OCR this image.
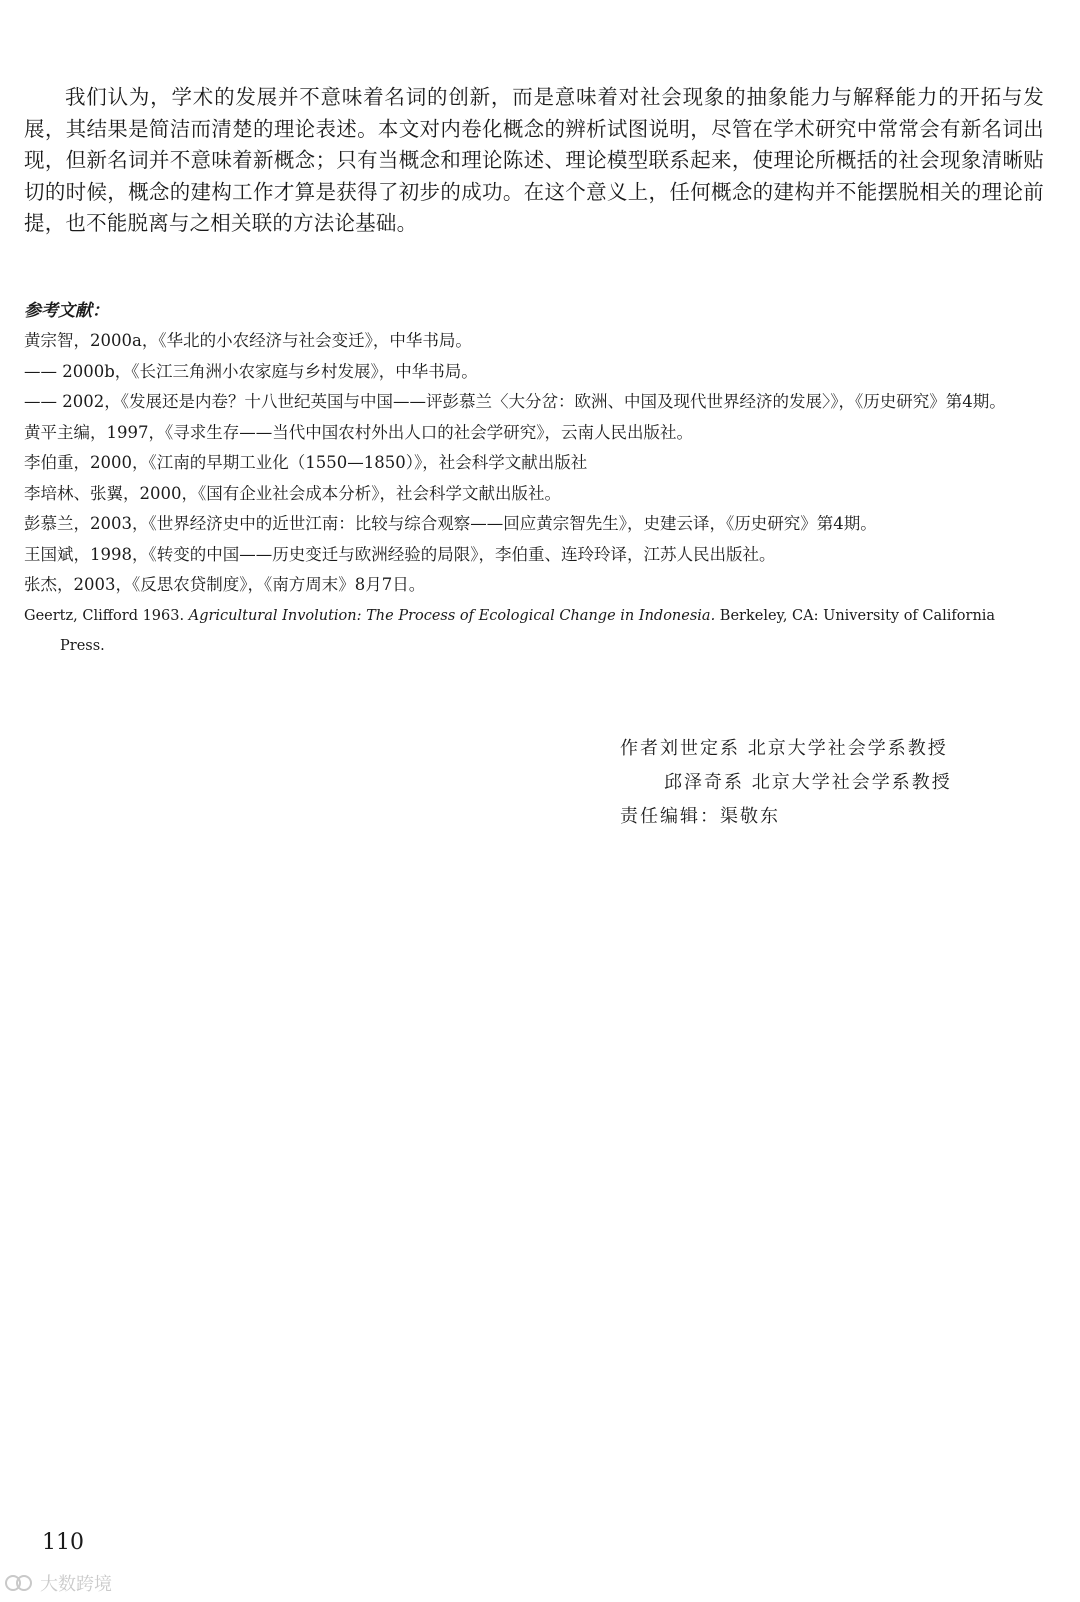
我们认为，学术的发展并不意味着名词的创新，而是意味着对社会现象的抽象能力与解释能力的开拓与发展，其结果是简洁而清楚的理论表述。本文对内卷化概念的辨析试图说明，尽管在学术研究中常常会有新名词出现，但新名词并不意味着新概念；只有当概念和理论陈述、理论模型联系起来，使理论所概括的社会现象清晰贴切的时候，概念的建构工作才算是获得了初步的成功。在这个意义上，任何概念的建构并不能摆脱相关的理论前提，也不能脱离与之相关联的方法论基础。

参考文献：

黄宗智，2000a，《华北的小农经济与社会变迁》，中华书局。
—— 2000b，《长江三角洲小农家庭与乡村发展》，中华书局。
—— 2002，《发展还是内卷？十八世纪英国与中国——评彭慕兰〈大分岔：欧洲、中国及现代世界经济的发展〉》，《历史研究》第4期。
黄平主编，1997，《寻求生存——当代中国农村外出人口的社会学研究》，云南人民出版社。
李伯重，2000，《江南的早期工业化（1550—1850）》，社会科学文献出版社
李培林、张翼，2000，《国有企业社会成本分析》，社会科学文献出版社。
彭慕兰，2003，《世界经济史中的近世江南：比较与综合观察——回应黄宗智先生》，史建云译，《历史研究》第4期。
王国斌，1998，《转变的中国——历史变迁与欧洲经验的局限》，李伯重、连玲玲译，江苏人民出版社。
张杰，2003，《反思农贷制度》，《南方周末》8月7日。
Geertz, Clifford 1963. Agricultural Involution: The Process of Ecological Change in Indonesia. Berkeley, CA: University of California Press.
作者刘世定系 北京大学社会学系教授
邱泽奇系 北京大学社会学系教授
责任编辑：渠敬东

110

大数跨境
